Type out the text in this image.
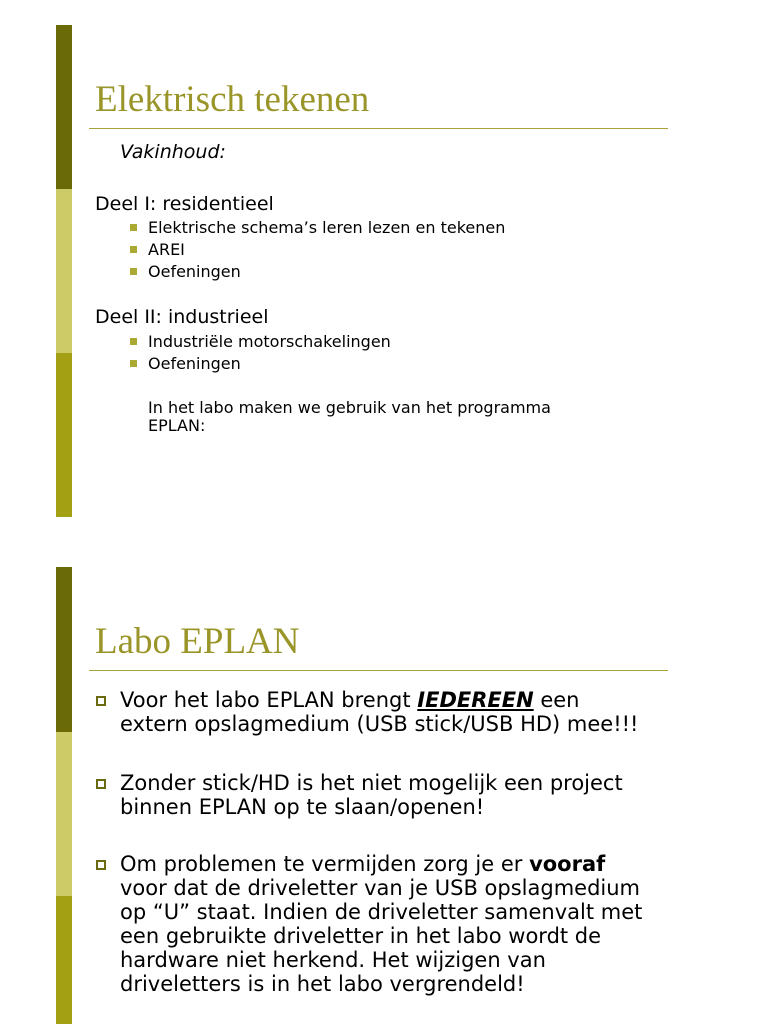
Elektrisch tekenen
Vakinhoud:
Deel I: residentieel
Elektrische schema’s leren lezen en tekenen
AREI
Oefeningen
Deel II: industrieel
Industriële motorschakelingen
Oefeningen
In het labo maken we gebruik van het programma
EPLAN:
Labo EPLAN
Voor het labo EPLAN brengt IEDEREEN een
extern opslagmedium (USB stick/USB HD) mee!!!
Zonder stick/HD is het niet mogelijk een project
binnen EPLAN op te slaan/openen!
Om problemen te vermijden zorg je er vooraf
voor dat de driveletter van je USB opslagmedium
op “U” staat. Indien de driveletter samenvalt met
een gebruikte driveletter in het labo wordt de
hardware niet herkend. Het wijzigen van
driveletters is in het labo vergrendeld!
